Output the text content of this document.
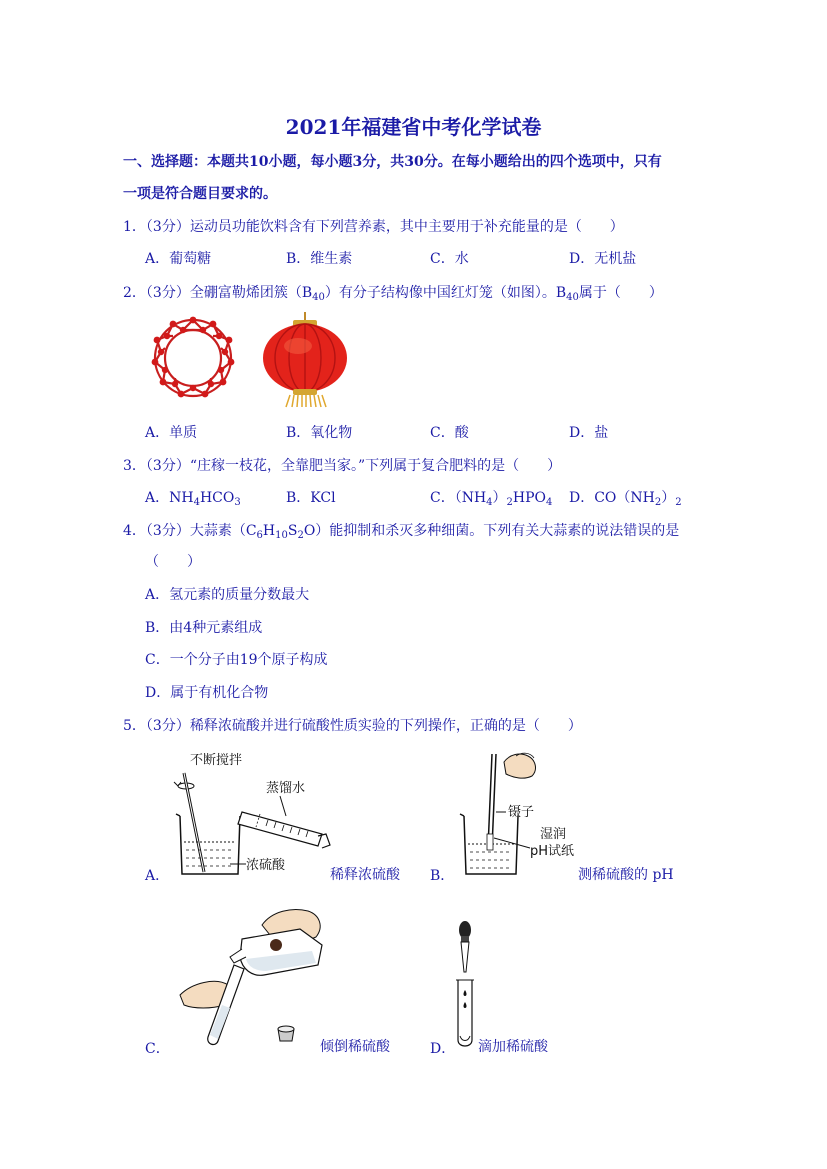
2021年福建省中考化学试卷
一、选择题：本题共10小题，每小题3分，共30分。在每小题给出的四个选项中，只有
一项是符合题目要求的。
1．（3分）运动员功能饮料含有下列营养素，其中主要用于补充能量的是（　　）
A．葡萄糖	B．维生素	C．水	D．无机盐
2．（3分）全硼富勒烯团簇$(B_{40})$有分子结构像中国红灯笼（如图）。$B_{40}$属于（　　）
A．单质	B．氧化物	C．酸	D．盐
3．（3分）“庄稼一枝花，全靠肥当家。”下列属于复合肥料的是（　　）
A．$NH_4HCO_3$	B．KCl	C．$(NH_4)_2HPO_4$ D．$CO(NH_2)_2$
4．（3分）大蒜素$(C_6H_{10}S_2O)$能抑制和杀灭多种细菌。下列有关大蒜素的说法错误的是
（　　）
A．氢元素的质量分数最大
B．由4种元素组成
C．一个分子由19个原子构成
D．属于有机化合物
5．（3分）稀释浓硫酸并进行硫酸性质实验的下列操作，正确的是（　　）
不断搅拌
蒸馏水
浓硫酸
A．	稀释浓硫酸
镊子
湿润
pH试纸
B．	测稀硫酸的 pH
C．	倾倒稀硫酸	D． 滴加稀硫酸
